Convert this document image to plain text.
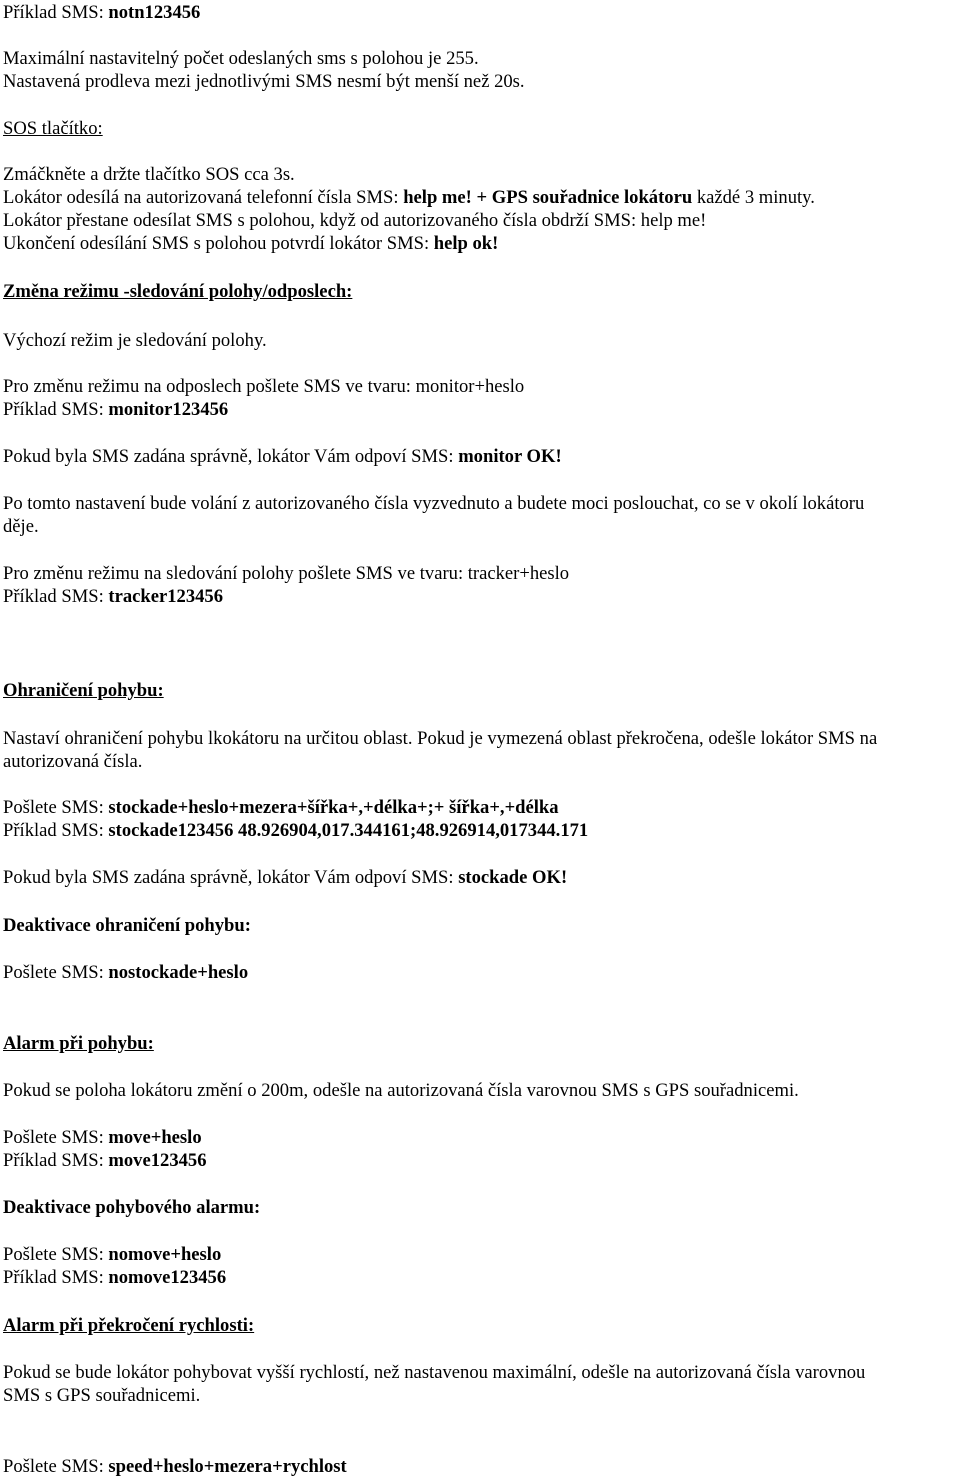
Příklad SMS: notn123456

Maximální nastavitelný počet odeslaných sms s polohou je 255.

Nastavená prodleva mezi jednotlivými SMS nesmí být menší než 20s.

SOS tlačítko:

Zmáčkněte a držte tlačítko SOS cca 3s.

Lokátor odesílá na autorizovaná telefonní čísla SMS: help me! + GPS souřadnice lokátoru každé 3 minuty.

Lokátor přestane odesílat SMS s polohou, když od autorizovaného čísla obdrží SMS: help me!

Ukončení odesílání SMS s polohou potvrdí lokátor SMS: help ok!

Změna režimu -sledování polohy/odposlech:

Výchozí režim je sledování polohy.

Pro změnu režimu na odposlech pošlete SMS ve tvaru: monitor+heslo

Příklad SMS: monitor123456

Pokud byla SMS zadána správně, lokátor Vám odpoví SMS: monitor OK!

Po tomto nastavení bude volání z autorizovaného čísla vyzvednuto a budete moci poslouchat, co se v okolí lokátoru

děje.

Pro změnu režimu na sledování polohy pošlete SMS ve tvaru: tracker+heslo

Příklad SMS: tracker123456

Ohraničení pohybu:

Nastaví ohraničení pohybu lkokátoru na určitou oblast. Pokud je vymezená oblast překročena, odešle lokátor SMS na

autorizovaná čísla.

Pošlete SMS: stockade+heslo+mezera+šířka+,+délka+;+ šířka+,+délka

Příklad SMS: stockade123456 48.926904,017.344161;48.926914,017344.171

Pokud byla SMS zadána správně, lokátor Vám odpoví SMS: stockade OK!

Deaktivace ohraničení pohybu:

Pošlete SMS: nostockade+heslo

Alarm při pohybu:

Pokud se poloha lokátoru změní o 200m, odešle na autorizovaná čísla varovnou SMS s GPS souřadnicemi.

Pošlete SMS: move+heslo

Příklad SMS: move123456

Deaktivace pohybového alarmu:

Pošlete SMS: nomove+heslo

Příklad SMS: nomove123456

Alarm při překročení rychlosti:

Pokud se bude lokátor pohybovat vyšší rychlostí, než nastavenou maximální, odešle na autorizovaná čísla varovnou

SMS s GPS souřadnicemi.

Pošlete SMS: speed+heslo+mezera+rychlost
